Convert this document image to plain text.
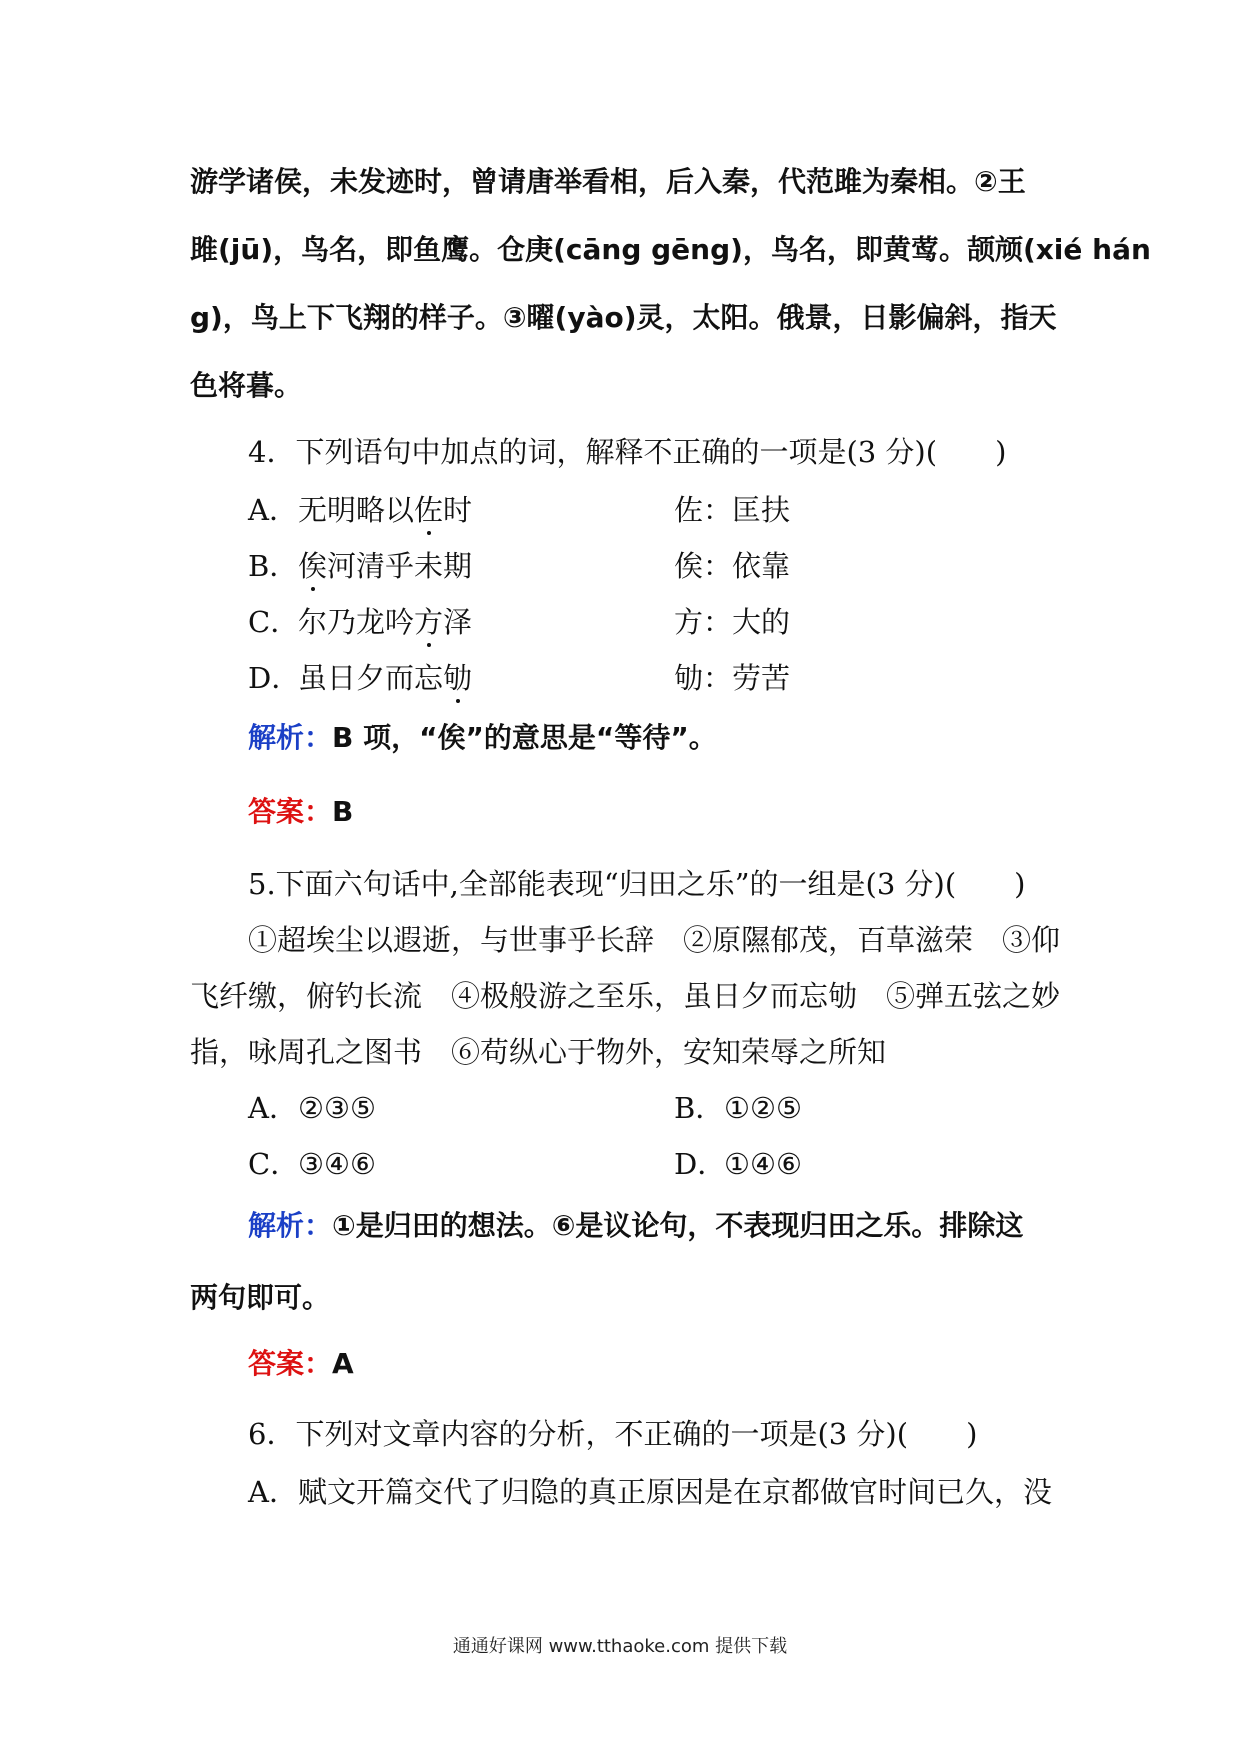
游学诸侯，未发迹时，曾请唐举看相，后入秦，代范雎为秦相。②王
雎(jū)，鸟名，即鱼鹰。仓庚(cāng gēng)，鸟名，即黄莺。颉颃(xié hán
g)，鸟上下飞翔的样子。③曜(yào)灵，太阳。俄景，日影偏斜，指天
色将暮。
4．下列语句中加点的词，解释不正确的一项是(3 分)(　　)
A．无明略以佐时	佐：匡扶
B．俟河清乎未期	俟：依靠
C．尔乃龙吟方泽	方：大的
D．虽日夕而忘劬	劬：劳苦
解析：B 项，“俟”的意思是“等待”。
答案：B
5.下面六句话中,全部能表现“归田之乐”的一组是(3 分)(　　)
①超埃尘以遐逝，与世事乎长辞　②原隰郁茂，百草滋荣　③仰
飞纤缴，俯钓长流　④极般游之至乐，虽日夕而忘劬　⑤弹五弦之妙
指，咏周孔之图书　⑥苟纵心于物外，安知荣辱之所知
A．②③⑤	B．①②⑤
C．③④⑥	D．①④⑥
解析：①是归田的想法。⑥是议论句，不表现归田之乐。排除这
两句即可。
答案：A
6．下列对文章内容的分析，不正确的一项是(3 分)(　　)
A．赋文开篇交代了归隐的真正原因是在京都做官时间已久，没
通通好课网 www.tthaoke.com 提供下载
